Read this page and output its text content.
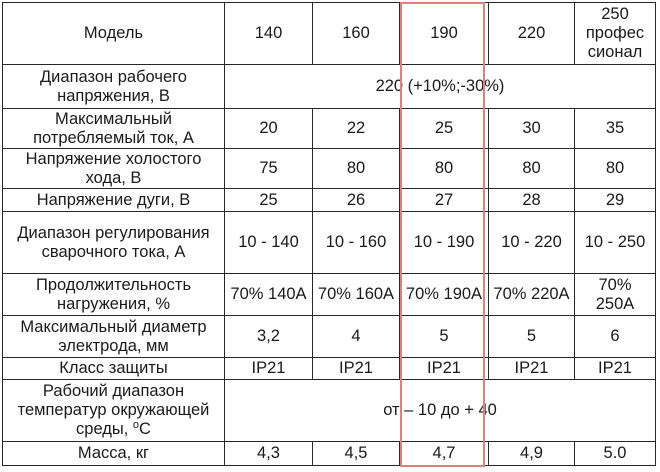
Модель	140	160	190	220	250 профес сионал
Диапазон рабочего напряжения, В	220 (+10%;-30%)				
Максимальный потребляемый ток, А	20	22	25	30	35
Напряжение холостого хода, В	75	80	80	80	80
Напряжение дуги, В	25	26	27	28	29
Диапазон регулирования сварочного тока, А	10 - 140	10 - 160	10 - 190	10 - 220	10 - 250
Продолжительность нагружения, %	70% 140А	70% 160А	70% 190А	70% 220А	70% 250А
Максимальный диаметр электрода, мм	3,2	4	5	5	6
Класс защиты	IP21	IP21	IP21	IP21	IP21
Рабочий диапазон температур окружающей среды, $^о$С	от – 10 до + 40				
Масса, кг	4,3	4,5	4,7	4,9	5.0
